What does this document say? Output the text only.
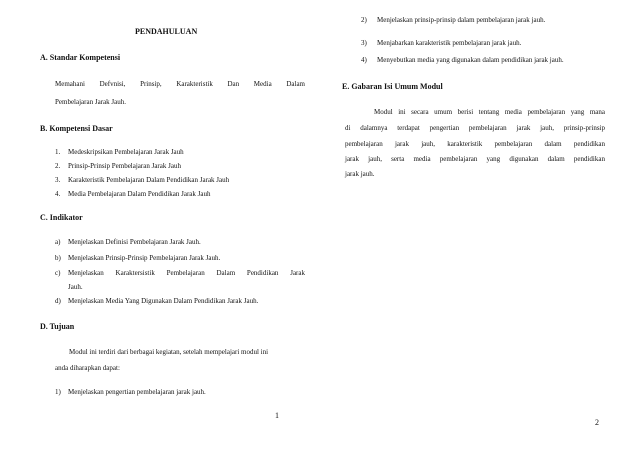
PENDAHULUAN
A. Standar Kompetensi
Memahani Defvnisi, Prinsip, Karakteristik Dan Media Dalam
Pembelajaran Jarak Jauh.
B. Kompetensi Dasar
1. Medeskripsikan Pembelajaran Jarak Jauh
2. Prinsip-Prinsip Pembelajaran Jarak Jauh
3. Karakteristik Pembelajaran Dalam Pendidikan Jarak Jauh
4. Media Pembelajaran Dalam Pendidikan Jarak Jauh
C. Indikator
a) Menjelaskan Definisi Pembelajaran Jarak Jauh.
b) Menjelaskan Prinsip-Prinsip Pembelajaran Jarak Jauh.
c)	Menjelaskan Karaktersistik Pembelajaran Dalam Pendidikan Jarak
Jauh.
d) Menjelaskan Media Yang Digunakan Dalam Pendidikan Jarak Jauh.
D. Tujuan
Modul ini terdiri dari berbagai kegiatan, setelah mempelajari modul ini
anda diharapkan dapat:
1) Menjelaskan pengertian pembelajaran jarak jauh.
1
2) Menjelaskan prinsip-prinsip dalam pembelajaran jarak jauh.
3) Menjabarkan karakteristik pembelajaran jarak jauh.
4) Menyebutkan media yang digunakan dalam pendidikan jarak jauh.
E. Gabaran Isi Umum Modul
Modul ini secara umum berisi tentang media pembelajaran yang mana
di dalamnya terdapat pengertian pembelajaran jarak jauh, prinsip-prinsip
pembelajaran jarak jauh, karakteristik pembelajaran dalam pendidikan
jarak jauh, serta media pembelajaran yang digunakan dalam pendidikan
jarak jauh.
2
